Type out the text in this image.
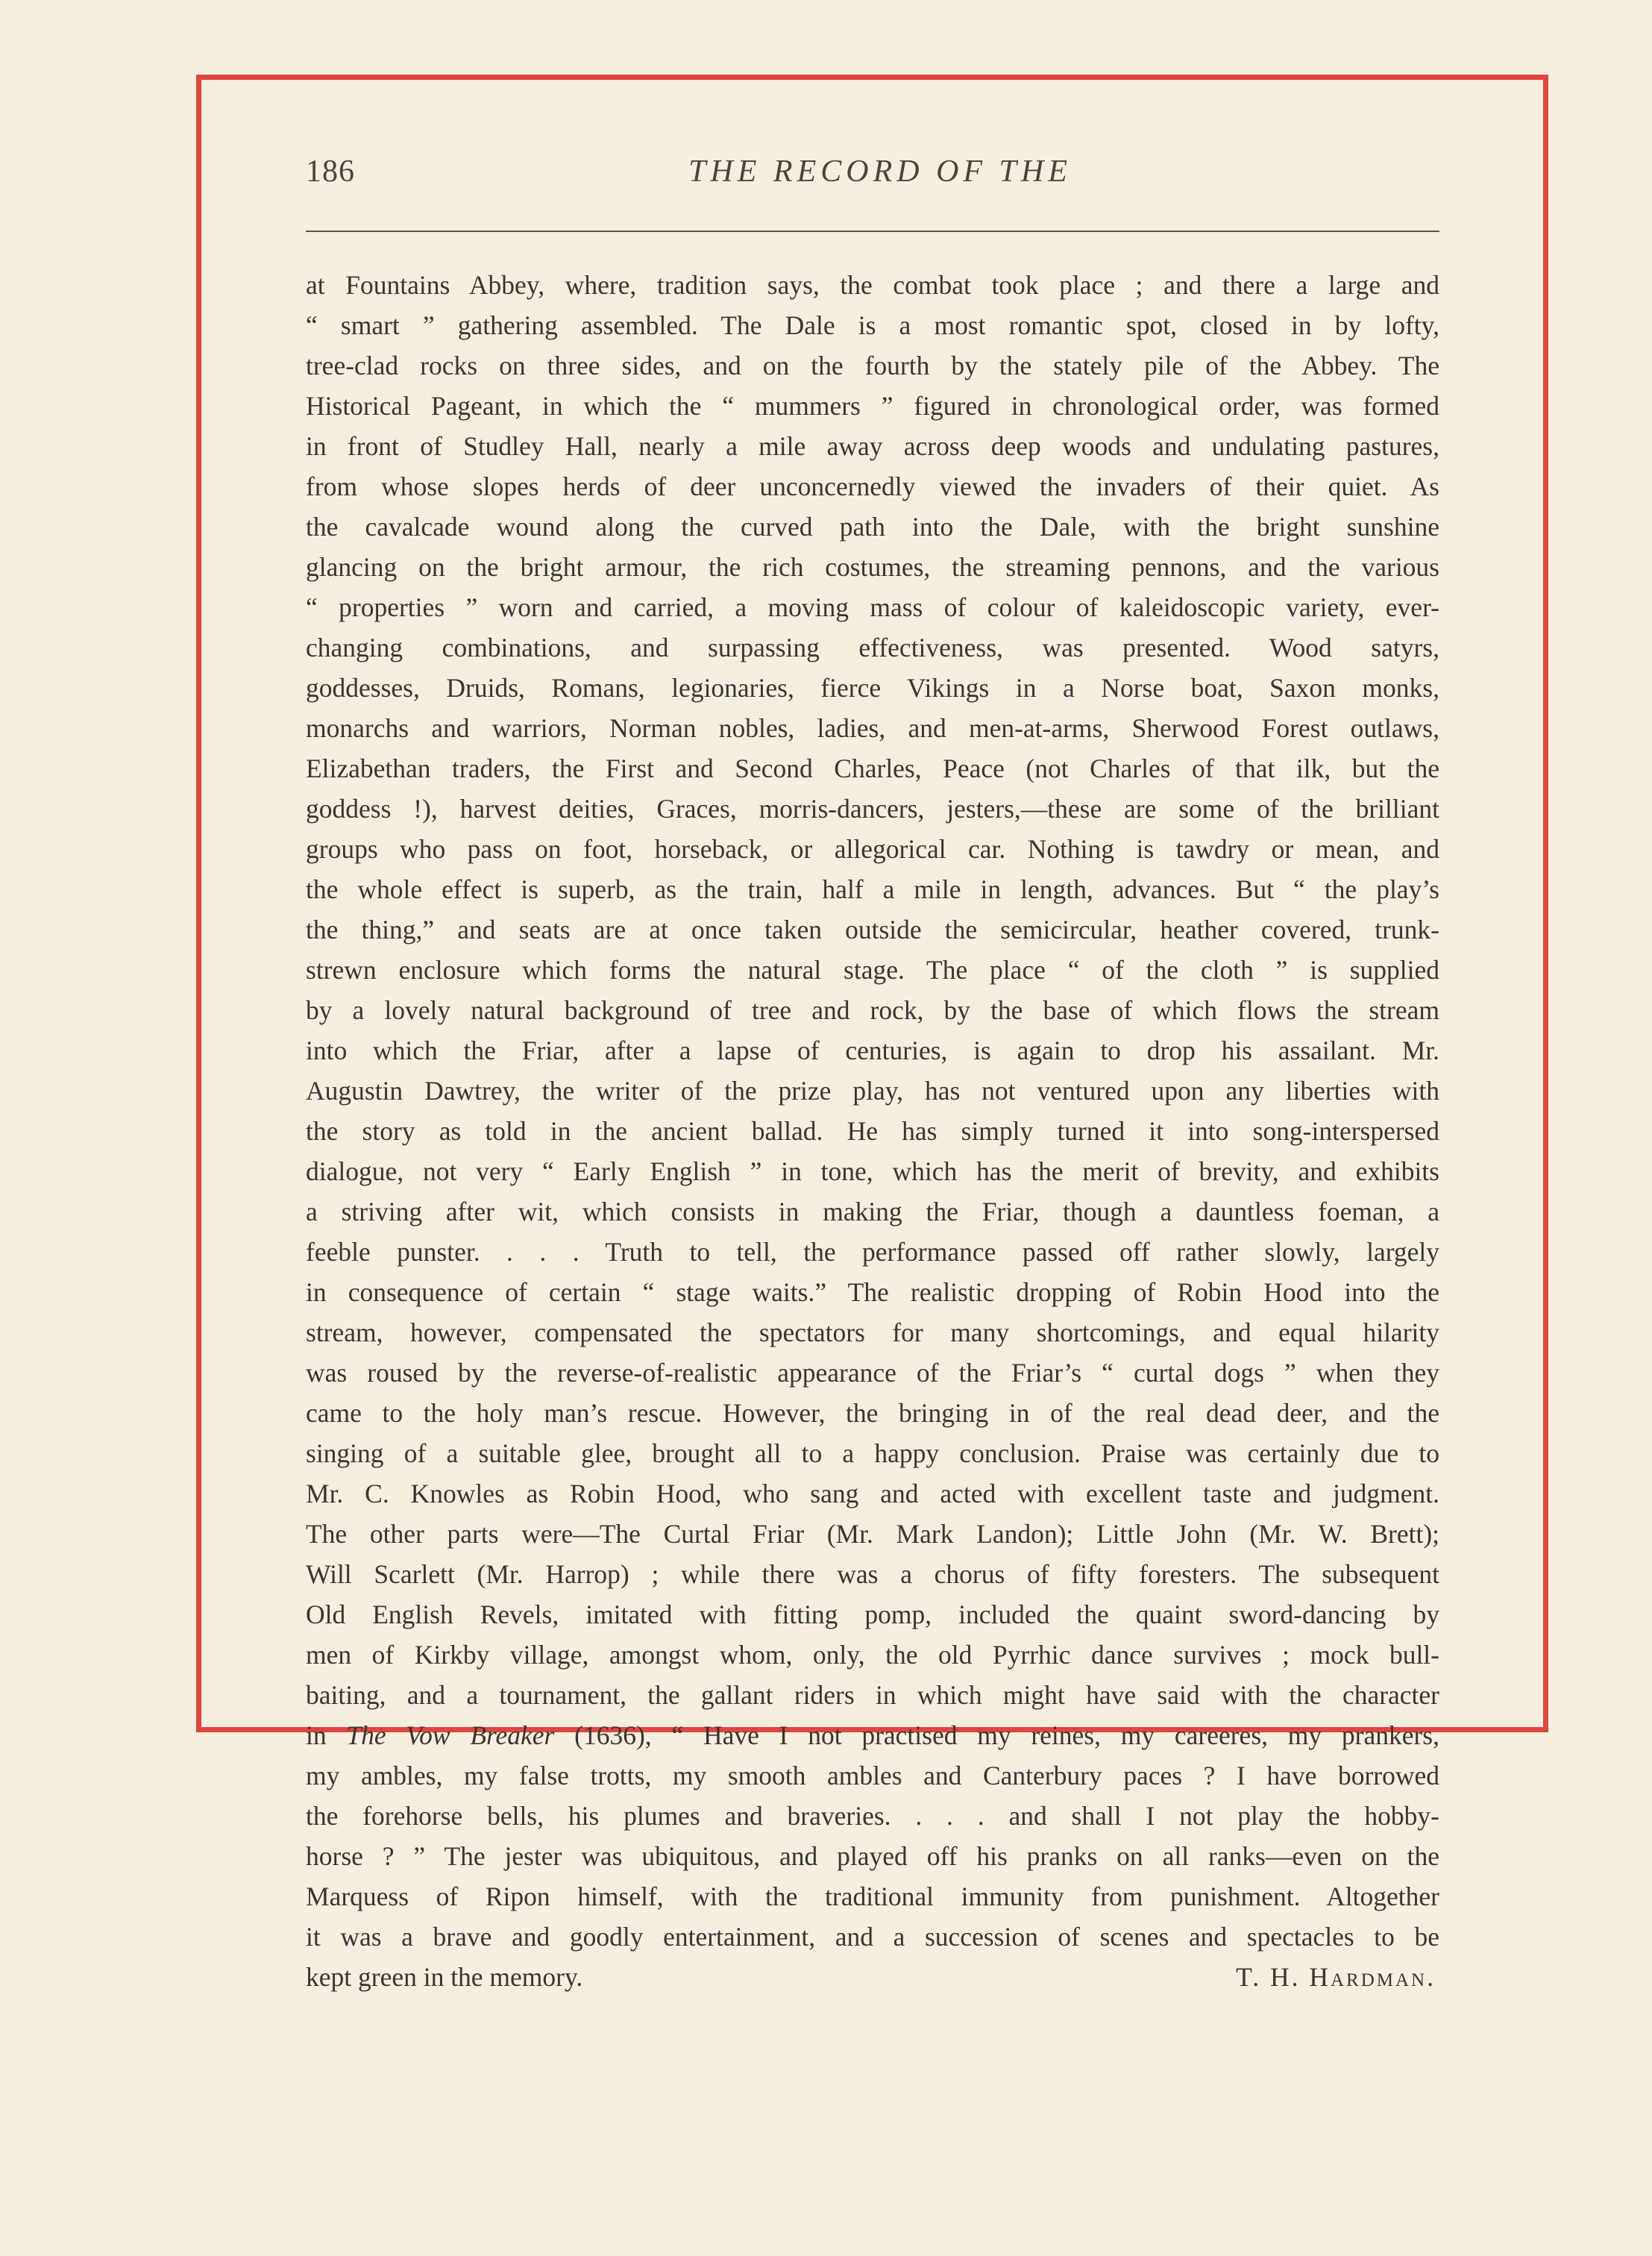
186	THE RECORD OF THE
at Fountains Abbey, where, tradition says, the combat took place ; and there a large and
“ smart ” gathering assembled. The Dale is a most romantic spot, closed in by lofty,
tree-clad rocks on three sides, and on the fourth by the stately pile of the Abbey. The
Historical Pageant, in which the “ mummers ” figured in chronological order, was formed
in front of Studley Hall, nearly a mile away across deep woods and undulating pastures,
from whose slopes herds of deer unconcernedly viewed the invaders of their quiet. As
the cavalcade wound along the curved path into the Dale, with the bright sunshine
glancing on the bright armour, the rich costumes, the streaming pennons, and the various
“ properties ” worn and carried, a moving mass of colour of kaleidoscopic variety, ever-
changing combinations, and surpassing effectiveness, was presented. Wood satyrs,
goddesses, Druids, Romans, legionaries, fierce Vikings in a Norse boat, Saxon monks,
monarchs and warriors, Norman nobles, ladies, and men-at-arms, Sherwood Forest outlaws,
Elizabethan traders, the First and Second Charles, Peace (not Charles of that ilk, but the
goddess !), harvest deities, Graces, morris-dancers, jesters,—these are some of the brilliant
groups who pass on foot, horseback, or allegorical car. Nothing is tawdry or mean, and
the whole effect is superb, as the train, half a mile in length, advances. But “ the play’s
the thing,” and seats are at once taken outside the semicircular, heather covered, trunk-
strewn enclosure which forms the natural stage. The place “ of the cloth ” is supplied
by a lovely natural background of tree and rock, by the base of which flows the stream
into which the Friar, after a lapse of centuries, is again to drop his assailant. Mr.
Augustin Dawtrey, the writer of the prize play, has not ventured upon any liberties with
the story as told in the ancient ballad. He has simply turned it into song-interspersed
dialogue, not very “ Early English ” in tone, which has the merit of brevity, and exhibits
a striving after wit, which consists in making the Friar, though a dauntless foeman, a
feeble punster. . . . Truth to tell, the performance passed off rather slowly, largely
in consequence of certain “ stage waits.” The realistic dropping of Robin Hood into the
stream, however, compensated the spectators for many shortcomings, and equal hilarity
was roused by the reverse-of-realistic appearance of the Friar’s “ curtal dogs ” when they
came to the holy man’s rescue. However, the bringing in of the real dead deer, and the
singing of a suitable glee, brought all to a happy conclusion. Praise was certainly due to
Mr. C. Knowles as Robin Hood, who sang and acted with excellent taste and judgment.
The other parts were—The Curtal Friar (Mr. Mark Landon); Little John (Mr. W. Brett);
Will Scarlett (Mr. Harrop) ; while there was a chorus of fifty foresters. The subsequent
Old English Revels, imitated with fitting pomp, included the quaint sword-dancing by
men of Kirkby village, amongst whom, only, the old Pyrrhic dance survives ; mock bull-
baiting, and a tournament, the gallant riders in which might have said with the character
in The Vow Breaker (1636), “ Have I not practised my reines, my careeres, my prankers,
my ambles, my false trotts, my smooth ambles and Canterbury paces ? I have borrowed
the forehorse bells, his plumes and braveries. . . . and shall I not play the hobby-
horse ? ” The jester was ubiquitous, and played off his pranks on all ranks—even on the
Marquess of Ripon himself, with the traditional immunity from punishment. Altogether
it was a brave and goodly entertainment, and a succession of scenes and spectacles to be
kept green in the memory.	T. H. Hardman.
